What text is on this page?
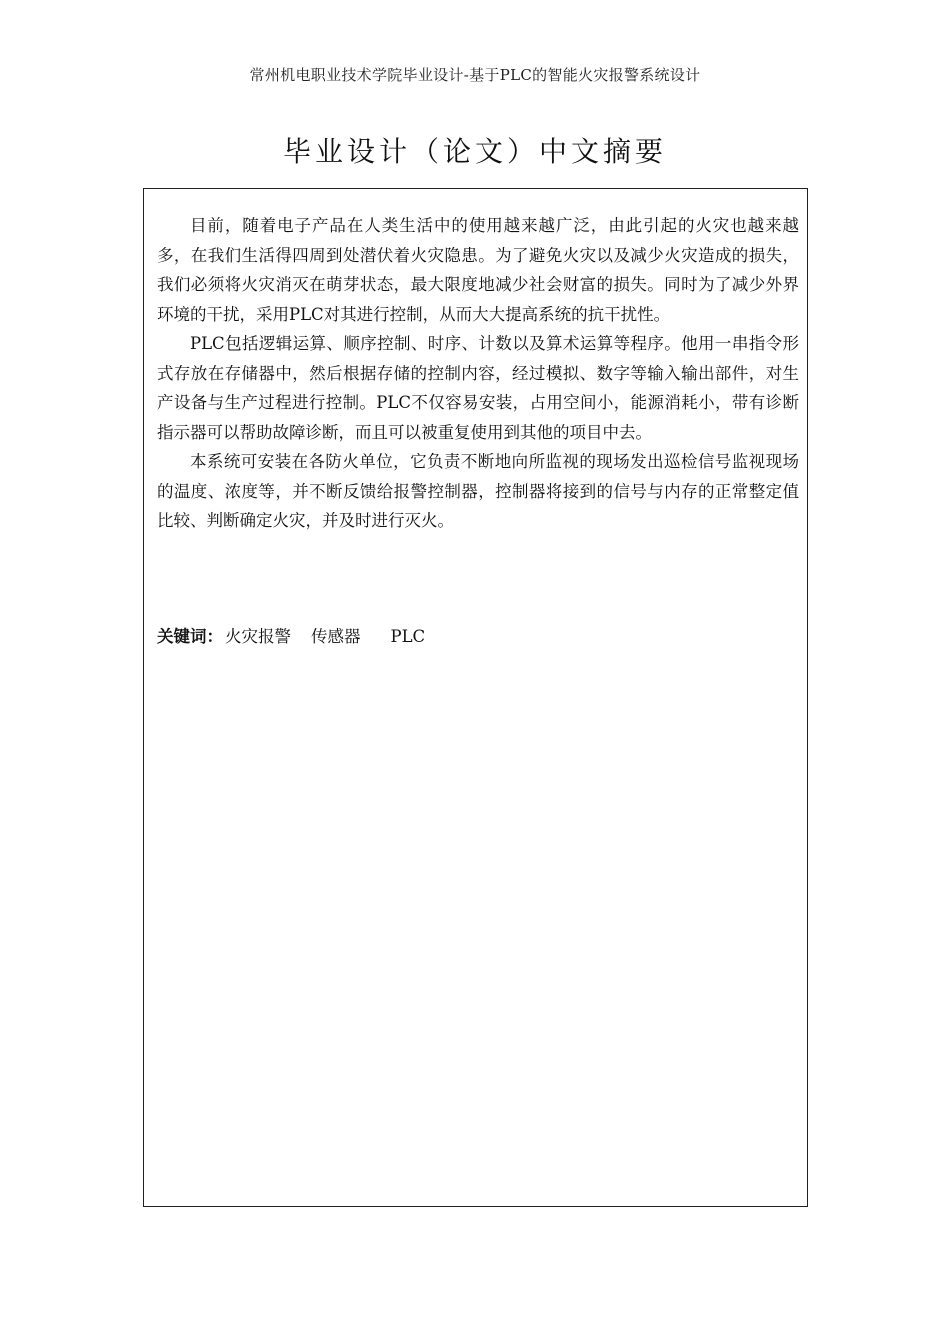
常州机电职业技术学院毕业设计-基于PLC的智能火灾报警系统设计
毕业设计（论文）中文摘要

目前，随着电子产品在人类生活中的使用越来越广泛，由此引起的火灾也越来越多，在我们生活得四周到处潜伏着火灾隐患。为了避免火灾以及减少火灾造成的损失，我们必须将火灾消灭在萌芽状态，最大限度地减少社会财富的损失。同时为了减少外界环境的干扰，采用PLC对其进行控制，从而大大提高系统的抗干扰性。

PLC包括逻辑运算、顺序控制、时序、计数以及算术运算等程序。他用一串指令形式存放在存储器中，然后根据存储的控制内容，经过模拟、数字等输入输出部件，对生产设备与生产过程进行控制。PLC不仅容易安装，占用空间小，能源消耗小，带有诊断指示器可以帮助故障诊断，而且可以被重复使用到其他的项目中去。

本系统可安装在各防火单位，它负责不断地向所监视的现场发出巡检信号监视现场的温度、浓度等，并不断反馈给报警控制器，控制器将接到的信号与内存的正常整定值比较、判断确定火灾，并及时进行灭火。

关键词： 火灾报警 传感器 PLC
